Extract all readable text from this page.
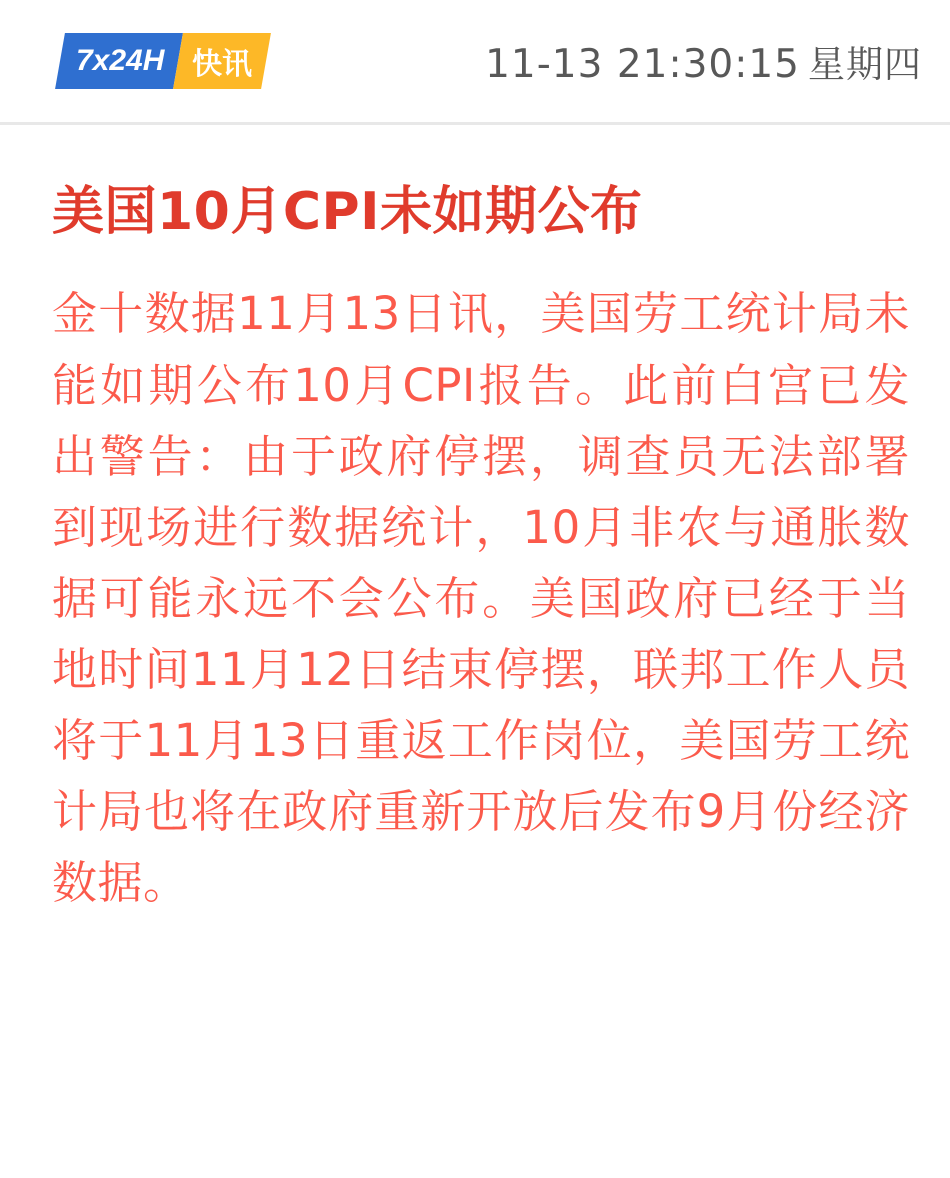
7x24H 快讯	11-13 21:30:15 星期四
美国10月CPI未如期公布

金十数据11月13日讯，美国劳工统计局未能如期公布10月CPI报告。此前白宫已发出警告：由于政府停摆，调查员无法部署到现场进行数据统计，10月非农与通胀数据可能永远不会公布。美国政府已经于当地时间11月12日结束停摆，联邦工作人员将于11月13日重返工作岗位，美国劳工统计局也将在政府重新开放后发布9月份经济数据。
